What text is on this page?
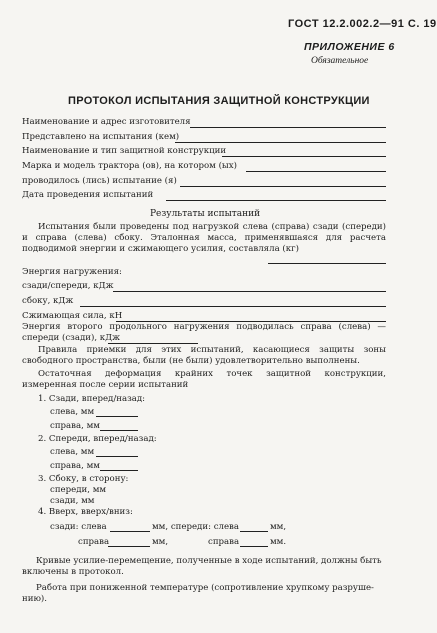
ГОСТ 12.2.002.2—91 С. 19
ПРИЛОЖЕНИЕ 6
Обязательное
ПРОТОКОЛ ИСПЫТАНИЯ ЗАЩИТНОЙ КОНСТРУКЦИИ
Наименование и адрес изготовителя
Представлено на испытания (кем)
Наименование и тип защитной конструкции
Марка и модель трактора (ов), на котором (ых)
проводилось (лись) испытание (я)
Дата проведения испытаний
Результаты испытаний
Испытания были проведены под нагрузкой слева (справа) сзади (спереди) и справа (слева) сбоку. Эталонная масса, применявшаяся для расчета подводимой энергии и сжимающего усилия, составляла (кг)
Энергия нагружения:
сзади/спереди, кДж
сбоку, кДж
Сжимающая сила, кН
Энергия второго продольного нагружения подводилась справа (слева) — спереди (сзади), кДж
Правила приемки для этих испытаний, касающиеся защиты зоны свободного пространства, были (не были) удовлетворительно выполнены.
Остаточная деформация крайних точек защитной конструкции, измеренная после серии испытаний
1. Сзади, вперед/назад:
слева, мм
справа, мм
2. Спереди, вперед/назад:
слева, мм
справа, мм
3. Сбоку, в сторону:
спереди, мм
сзади, мм
4. Вверх, вверх/вниз:
сзади: слева	мм, спереди: слева	мм,
справа	мм,	справа	мм.
Кривые усилие-перемещение, полученные в ходе испытаний, должны быть
включены в протокол.
Работа при пониженной температуре (сопротивление хрупкому разруше-
нию).
